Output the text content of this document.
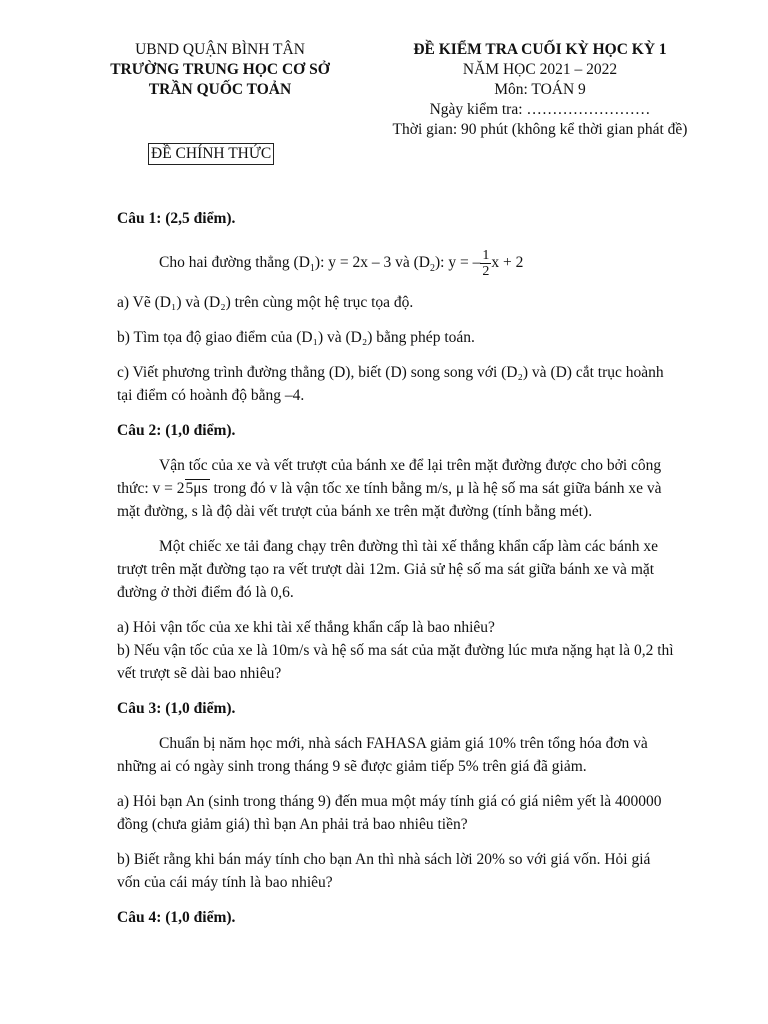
UBND QUẬN BÌNH TÂN
TRƯỜNG TRUNG HỌC CƠ SỞ
TRẦN QUỐC TOẢN
ĐỀ KIỂM TRA CUỐI KỲ HỌC KỲ 1
NĂM HỌC 2021 – 2022
Môn: TOÁN 9
Ngày kiểm tra: ……………………
Thời gian: 90 phút (không kể thời gian phát đề)
ĐỀ CHÍNH THỨC

Câu 1: (2,5 điểm).

Cho hai đường thẳng $(D_1)$: y = 2x – 3 và $(D_2)$: y = – $\frac{1}{2}$ x + 2

a) Vẽ (D₁) và (D₂) trên cùng một hệ trục tọa độ.

b) Tìm tọa độ giao điểm của (D₁) và (D₂) bằng phép toán.

c) Viết phương trình đường thẳng (D), biết (D) song song với (D₂) và (D) cắt trục hoành tại điểm có hoành độ bằng –4.

Câu 2: (1,0 điểm).

Vận tốc của xe và vết trượt của bánh xe để lại trên mặt đường được cho bởi công thức: v = 25μs trong đó v là vận tốc xe tính bằng m/s, μ là hệ số ma sát giữa bánh xe và mặt đường, s là độ dài vết trượt của bánh xe trên mặt đường (tính bằng mét).

Một chiếc xe tải đang chạy trên đường thì tài xế thắng khẩn cấp làm các bánh xe trượt trên mặt đường tạo ra vết trượt dài 12m. Giả sử hệ số ma sát giữa bánh xe và mặt đường ở thời điểm đó là 0,6.

a) Hỏi vận tốc của xe khi tài xế thắng khẩn cấp là bao nhiêu?

b) Nếu vận tốc của xe là 10m/s và hệ số ma sát của mặt đường lúc mưa nặng hạt là 0,2 thì vết trượt sẽ dài bao nhiêu?

Câu 3: (1,0 điểm).

Chuẩn bị năm học mới, nhà sách FAHASA giảm giá 10% trên tổng hóa đơn và những ai có ngày sinh trong tháng 9 sẽ được giảm tiếp 5% trên giá đã giảm.

a) Hỏi bạn An (sinh trong tháng 9) đến mua một máy tính giá có giá niêm yết là 400000 đồng (chưa giảm giá) thì bạn An phải trả bao nhiêu tiền?

b) Biết rằng khi bán máy tính cho bạn An thì nhà sách lời 20% so với giá vốn. Hỏi giá vốn của cái máy tính là bao nhiêu?

Câu 4: (1,0 điểm).
